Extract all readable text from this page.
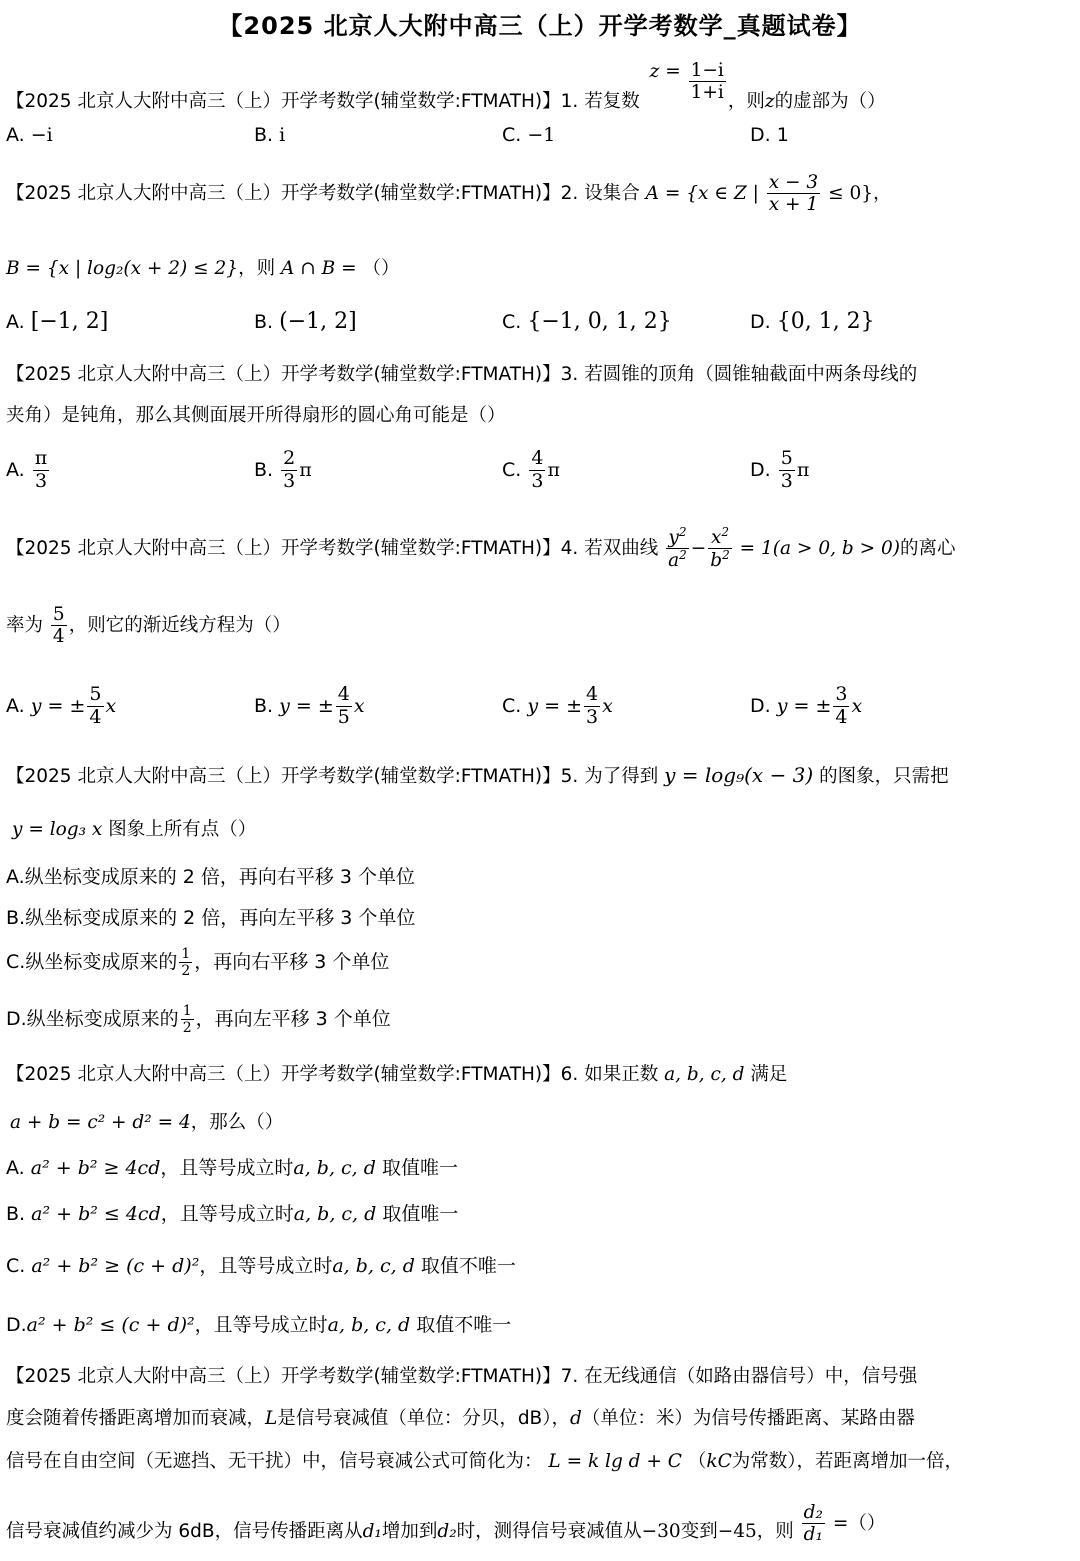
【2025 北京人大附中高三（上）开学考数学_真题试卷】
【2025 北京人大附中高三（上）开学考数学(辅堂数学:FTMATH)】1. 若复数 $z = \frac{1-i}{1+i}$ ，则z的虚部为（）
A. −i	B. i	C. −1	D. 1
【2025 北京人大附中高三（上）开学考数学(辅堂数学:FTMATH)】2. 设集合 A = {x ∈ Z | $\frac{x - 3}{x + 1} \le 0$}，
B = {x | log₂(x + 2) ≤ 2}，则 A ∩ B = （）
A. [−1, 2]	B. (−1, 2]	C. {−1, 0, 1, 2}	D. {0, 1, 2}
【2025 北京人大附中高三（上）开学考数学(辅堂数学:FTMATH)】3. 若圆锥的顶角（圆锥轴截面中两条母线的
夹角）是钝角，那么其侧面展开所得扇形的圆心角可能是（）
A. $\frac{\pi}{3}$	B. $\frac{2}{3}$ π	C. $\frac{4}{3}$ π	D. $\frac{5}{3}$ π
【2025 北京人大附中高三（上）开学考数学(辅堂数学:FTMATH)】4. 若双曲线 $\frac{y^2}{a^2} - \frac{x^2}{b^2} = 1(a > 0$, b > 0)的离心
率为 $\frac{5}{4}$ ，则它的渐近线方程为（）
A. y = ± $\frac{5}{4}$ x	B. y = ± $\frac{4}{5}$ x	C. y = ± $\frac{4}{3}$ x	D. y = ± $\frac{3}{4}$ x
【2025 北京人大附中高三（上）开学考数学(辅堂数学:FTMATH)】5. 为了得到 y = log₉(x − 3) 的图象，只需把
y = log₃ x 图象上所有点（）
A.纵坐标变成原来的 2 倍，再向右平移 3 个单位
B.纵坐标变成原来的 2 倍，再向左平移 3 个单位
C.纵坐标变成原来的 $\frac{1}{2}$ ，再向右平移 3 个单位
D.纵坐标变成原来的 $\frac{1}{2}$ ，再向左平移 3 个单位
【2025 北京人大附中高三（上）开学考数学(辅堂数学:FTMATH)】6. 如果正数 a, b, c, d 满足
a + b = c² + d² = 4，那么（）
A. a² + b² ≥ 4cd，且等号成立时a, b, c, d 取值唯一
B. a² + b² ≤ 4cd，且等号成立时a, b, c, d 取值唯一
C. a² + b² ≥ (c + d)²，且等号成立时a, b, c, d 取值不唯一
D.a² + b² ≤ (c + d)²，且等号成立时a, b, c, d 取值不唯一
【2025 北京人大附中高三（上）开学考数学(辅堂数学:FTMATH)】7. 在无线通信（如路由器信号）中，信号强
度会随着传播距离增加而衰减，L是信号衰减值（单位：分贝，dB），d（单位：米）为信号传播距离、某路由器
信号在自由空间（无遮挡、无干扰）中，信号衰减公式可简化为： L = k lg d + C （kC为常数），若距离增加一倍，
信号衰减值约减少为 6dB，信号传播距离从d₁增加到d₂时，测得信号衰减值从−30变到−45，则 $\frac{\text{d₂}}{\text{d₁}}$ =（）
